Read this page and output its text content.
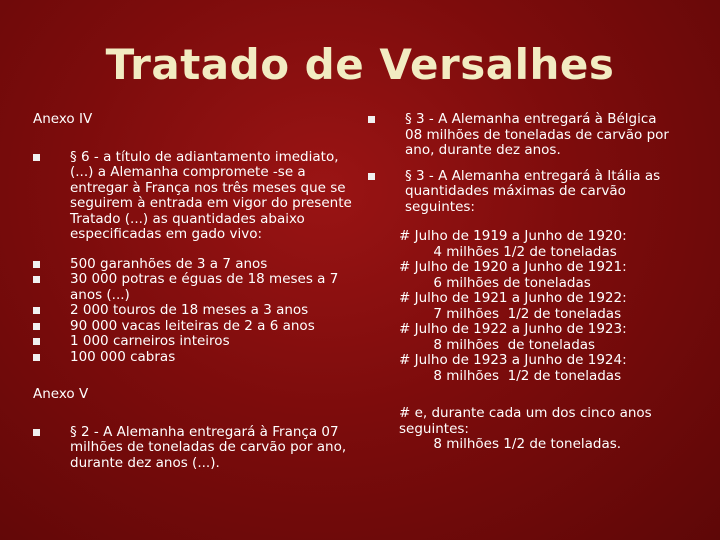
Tratado de Versalhes
Anexo IV
§ 6 - a título de adiantamento imediato, (...) a Alemanha compromete -se a entregar à França nos três meses que se seguirem à entrada em vigor do presente Tratado (...) as quantidades abaixo especificadas em gado vivo:
500 garanhões de 3 a 7 anos
30 000 potras e éguas de 18 meses a 7 anos (...)
2 000 touros de 18 meses a 3 anos
90 000 vacas leiteiras de 2 a 6 anos
1 000 carneiros inteiros
100 000 cabras
Anexo V
§ 2 - A Alemanha entregará à França 07 milhões de toneladas de carvão por ano, durante dez anos (...).
§ 3 - A Alemanha entregará à Bélgica 08 milhões de toneladas de carvão por ano, durante dez anos.
§ 3 - A Alemanha entregará à Itália as quantidades máximas de carvão seguintes:
# Julho de 1919 a Junho de 1920:
4 milhões 1/2 de toneladas
# Julho de 1920 a Junho de 1921:
6 milhões de toneladas
# Julho de 1921 a Junho de 1922:
7 milhões  1/2 de toneladas
# Julho de 1922 a Junho de 1923:
8 milhões  de toneladas
# Julho de 1923 a Junho de 1924:
8 milhões  1/2 de toneladas
# e, durante cada um dos cinco anos
seguintes:
8 milhões 1/2 de toneladas.
